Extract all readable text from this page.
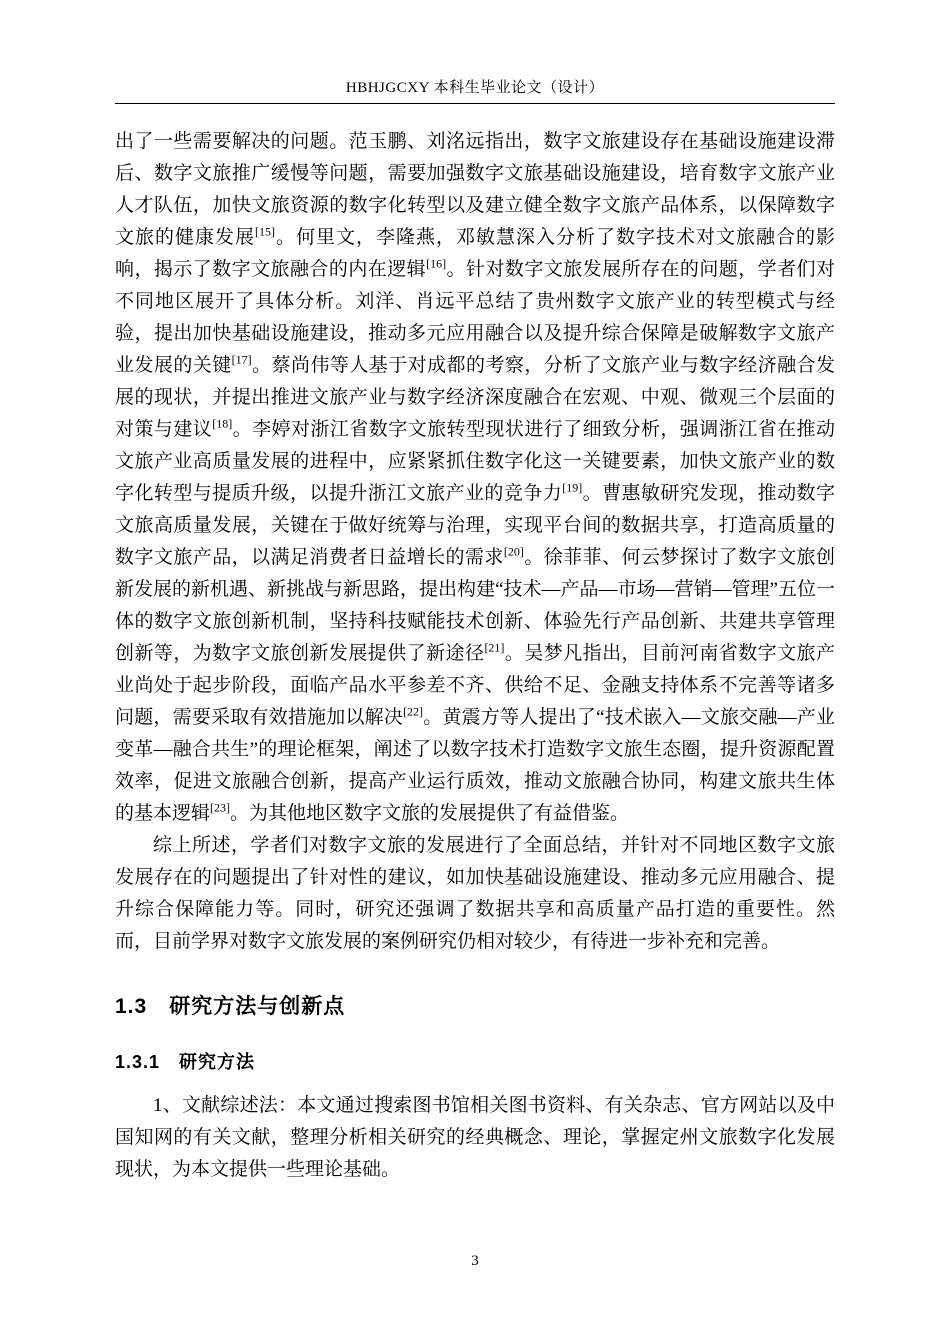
HBHJGCXY 本科生毕业论文（设计）

出了一些需要解决的问题。范玉鹏、刘洺远指出，数字文旅建设存在基础设施建设滞后、数字文旅推广缓慢等问题，需要加强数字文旅基础设施建设，培育数字文旅产业人才队伍，加快文旅资源的数字化转型以及建立健全数字文旅产品体系，以保障数字文旅的健康发展[15]。何里文，李隆燕，邓敏慧深入分析了数字技术对文旅融合的影响，揭示了数字文旅融合的内在逻辑[16]。针对数字文旅发展所存在的问题，学者们对不同地区展开了具体分析。刘洋、肖远平总结了贵州数字文旅产业的转型模式与经验，提出加快基础设施建设，推动多元应用融合以及提升综合保障是破解数字文旅产业发展的关键[17]。蔡尚伟等人基于对成都的考察，分析了文旅产业与数字经济融合发展的现状，并提出推进文旅产业与数字经济深度融合在宏观、中观、微观三个层面的对策与建议[18]。李婷对浙江省数字文旅转型现状进行了细致分析，强调浙江省在推动文旅产业高质量发展的进程中，应紧紧抓住数字化这一关键要素，加快文旅产业的数字化转型与提质升级，以提升浙江文旅产业的竞争力[19]。曹惠敏研究发现，推动数字文旅高质量发展，关键在于做好统筹与治理，实现平台间的数据共享，打造高质量的数字文旅产品，以满足消费者日益增长的需求[20]。徐菲菲、何云梦探讨了数字文旅创新发展的新机遇、新挑战与新思路，提出构建“技术—产品—市场—营销—管理”五位一体的数字文旅创新机制，坚持科技赋能技术创新、体验先行产品创新、共建共享管理创新等，为数字文旅创新发展提供了新途径[21]。吴梦凡指出，目前河南省数字文旅产业尚处于起步阶段，面临产品水平参差不齐、供给不足、金融支持体系不完善等诸多问题，需要采取有效措施加以解决[22]。黄震方等人提出了“技术嵌入—文旅交融—产业变革—融合共生”的理论框架，阐述了以数字技术打造数字文旅生态圈，提升资源配置效率，促进文旅融合创新，提高产业运行质效，推动文旅融合协同，构建文旅共生体的基本逻辑[23]。为其他地区数字文旅的发展提供了有益借鉴。

综上所述，学者们对数字文旅的发展进行了全面总结，并针对不同地区数字文旅发展存在的问题提出了针对性的建议，如加快基础设施建设、推动多元应用融合、提升综合保障能力等。同时，研究还强调了数据共享和高质量产品打造的重要性。然而，目前学界对数字文旅发展的案例研究仍相对较少，有待进一步补充和完善。

1.3　研究方法与创新点
1.3.1　研究方法

1、文献综述法：本文通过搜索图书馆相关图书资料、有关杂志、官方网站以及中国知网的有关文献，整理分析相关研究的经典概念、理论，掌握定州文旅数字化发展现状，为本文提供一些理论基础。

3
